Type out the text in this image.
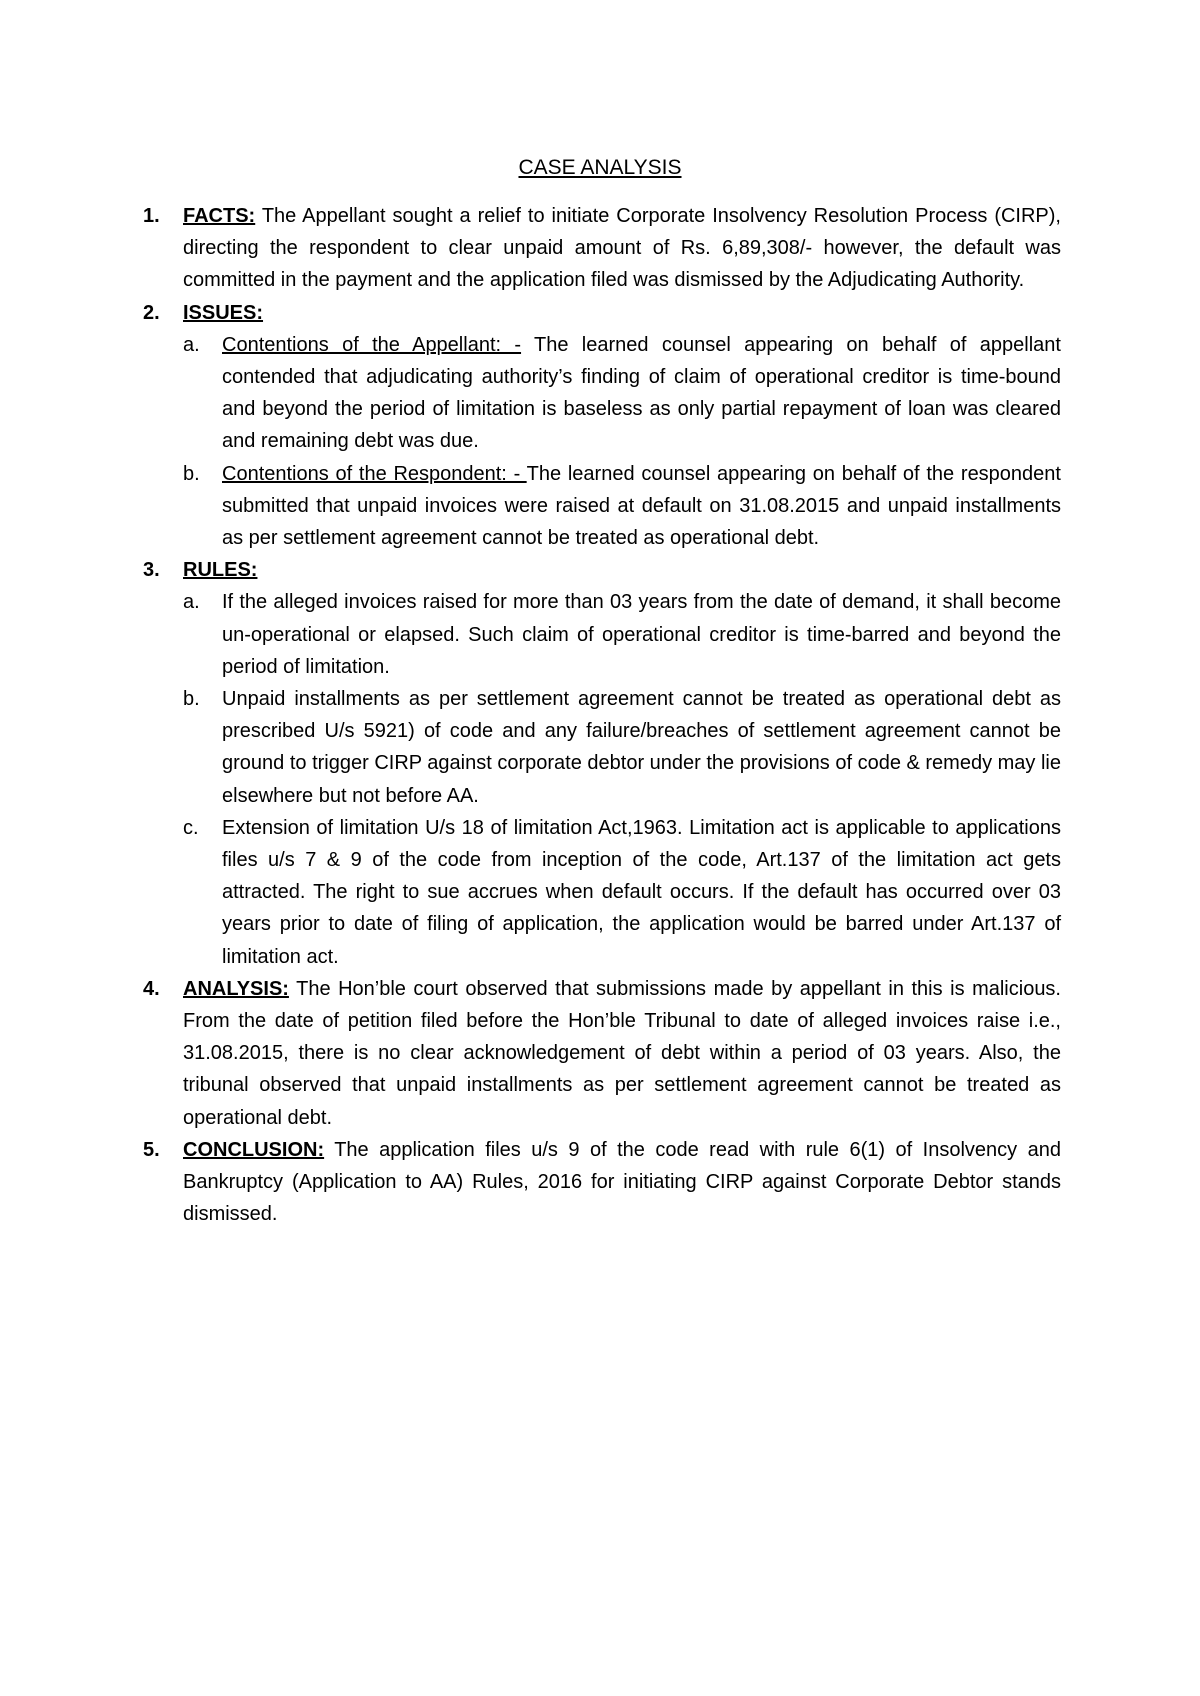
CASE ANALYSIS
1. FACTS: The Appellant sought a relief to initiate Corporate Insolvency Resolution Process (CIRP), directing the respondent to clear unpaid amount of Rs. 6,89,308/- however, the default was committed in the payment and the application filed was dismissed by the Adjudicating Authority.
2. ISSUES:
a. Contentions of the Appellant: - The learned counsel appearing on behalf of appellant contended that adjudicating authority’s finding of claim of operational creditor is time-bound and beyond the period of limitation is baseless as only partial repayment of loan was cleared and remaining debt was due.
b. Contentions of the Respondent: - The learned counsel appearing on behalf of the respondent submitted that unpaid invoices were raised at default on 31.08.2015 and unpaid installments as per settlement agreement cannot be treated as operational debt.
3. RULES:
a. If the alleged invoices raised for more than 03 years from the date of demand, it shall become un-operational or elapsed. Such claim of operational creditor is time-barred and beyond the period of limitation.
b. Unpaid installments as per settlement agreement cannot be treated as operational debt as prescribed U/s 5921) of code and any failure/breaches of settlement agreement cannot be ground to trigger CIRP against corporate debtor under the provisions of code & remedy may lie elsewhere but not before AA.
c. Extension of limitation U/s 18 of limitation Act,1963. Limitation act is applicable to applications files u/s 7 & 9 of the code from inception of the code, Art.137 of the limitation act gets attracted. The right to sue accrues when default occurs. If the default has occurred over 03 years prior to date of filing of application, the application would be barred under Art.137 of limitation act.
4. ANALYSIS: The Hon’ble court observed that submissions made by appellant in this is malicious. From the date of petition filed before the Hon’ble Tribunal to date of alleged invoices raise i.e., 31.08.2015, there is no clear acknowledgement of debt within a period of 03 years. Also, the tribunal observed that unpaid installments as per settlement agreement cannot be treated as operational debt.
5. CONCLUSION: The application files u/s 9 of the code read with rule 6(1) of Insolvency and Bankruptcy (Application to AA) Rules, 2016 for initiating CIRP against Corporate Debtor stands dismissed.
